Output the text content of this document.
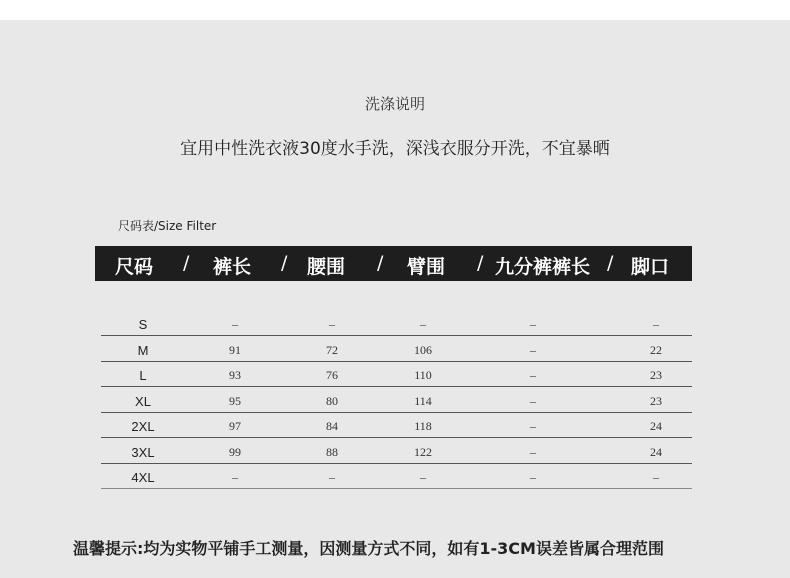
洗涤说明
宜用中性洗衣液30度水手洗，深浅衣服分开洗，不宜暴晒
尺码表/Size Filter
尺码 / 裤长 / 腰围 / 臂围 / 九分裤裤长 / 脚口
S	–	–	–	–	–
M	91	72	106	–	22
L	93	76	110	–	23
XL	95	80	114	–	23
2XL	97	84	118	–	24
3XL	99	88	122	–	24
4XL	–	–	–	–	–
温馨提示:均为实物平铺手工测量，因测量方式不同，如有1-3CM误差皆属合理范围
